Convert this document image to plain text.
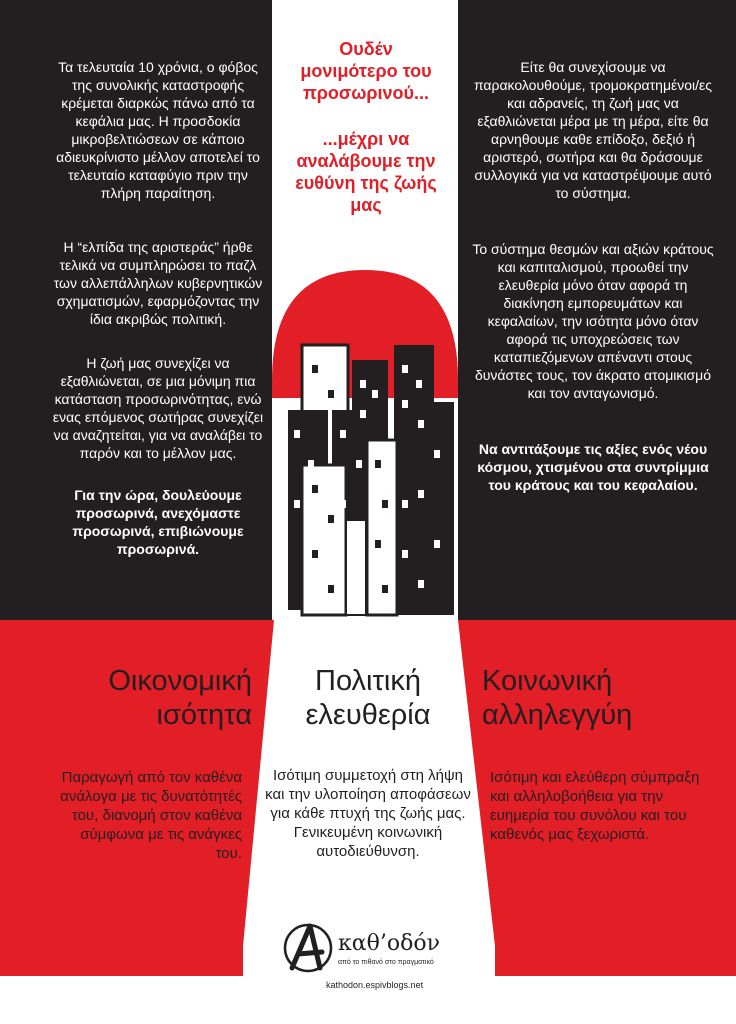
Ουδέν μονιμότερο του προσωρινού...

...μέχρι να αναλάβουμε την ευθύνη της ζωής μας

Τα τελευταία 10 χρόνια, ο φόβος της συνολικής καταστροφής κρέμεται διαρκώς πάνω από τα κεφάλια μας. Η προσδοκία μικροβελτιώσεων σε κάποιο αδιευκρίνιστο μέλλον αποτελεί το τελευταίο καταφύγιο πριν την πλήρη παραίτηση.

Η “ελπίδα της αριστεράς” ήρθε τελικά να συμπληρώσει το παζλ των αλλεπάλληλων κυβερνητικών σχηματισμών, εφαρμόζοντας την ίδια ακριβώς πολιτική.

Η ζωή μας συνεχίζει να εξαθλιώνεται, σε μια μόνιμη πια κατάσταση προσωρινότητας, ενώ ενας επόμενος σωτήρας συνεχίζει να αναζητείται, για να αναλάβει το παρόν και το μέλλον μας.

Για την ώρα, δουλεύουμε προσωρινά, ανεχόμαστε προσωρινά, επιβιώνουμε προσωρινά.

Είτε θα συνεχίσουμε να παρακολουθούμε, τρομοκρατημένοι/ες και αδρανείς, τη ζωή μας να εξαθλιώνεται μέρα με τη μέρα, είτε θα αρνηθουμε καθε επίδοξο, δεξιό ή αριστερό, σωτήρα και θα δράσουμε συλλογικά για να καταστρέψουμε αυτό το σύστημα.

Το σύστημα θεσμών και αξιών κράτους και καπιταλισμού, προωθεί την ελευθερία μόνο όταν αφορά τη διακίνηση εμπορευμάτων και κεφαλαίων, την ισότητα μόνο όταν αφορά τις υποχρεώσεις των καταπιεζόμενων απέναντι στους δυνάστες τους, τον άκρατο ατομικισμό και τον ανταγωνισμό.

Να αντιτάξουμε τις αξίες ενός νέου κόσμου, χτισμένου στα συντρίμμια του κράτους και του κεφαλαίου.

Οικονομική

ισότητα

Πολιτική

ελευθερία

Κοινωνική

αλληλεγγύη

Παραγωγή από τον καθένα ανάλογα με τις δυνατότητές του, διανομή στον καθένα σύμφωνα με τις ανάγκες του.

Ισότιμη συμμετοχή στη λήψη και την υλοποίηση αποφάσεων για κάθε πτυχή της ζωής μας. Γενικευμένη κοινωνική αυτοδιεύθυνση.

Ισότιμη και ελεύθερη σύμπραξη και αλληλοβοήθεια για την ευημερία του συνόλου και του καθενός μας ξεχωριστά.

καθ’οδόν
από το πιθανό στο πραγματικό
kathodon.espivblogs.net
